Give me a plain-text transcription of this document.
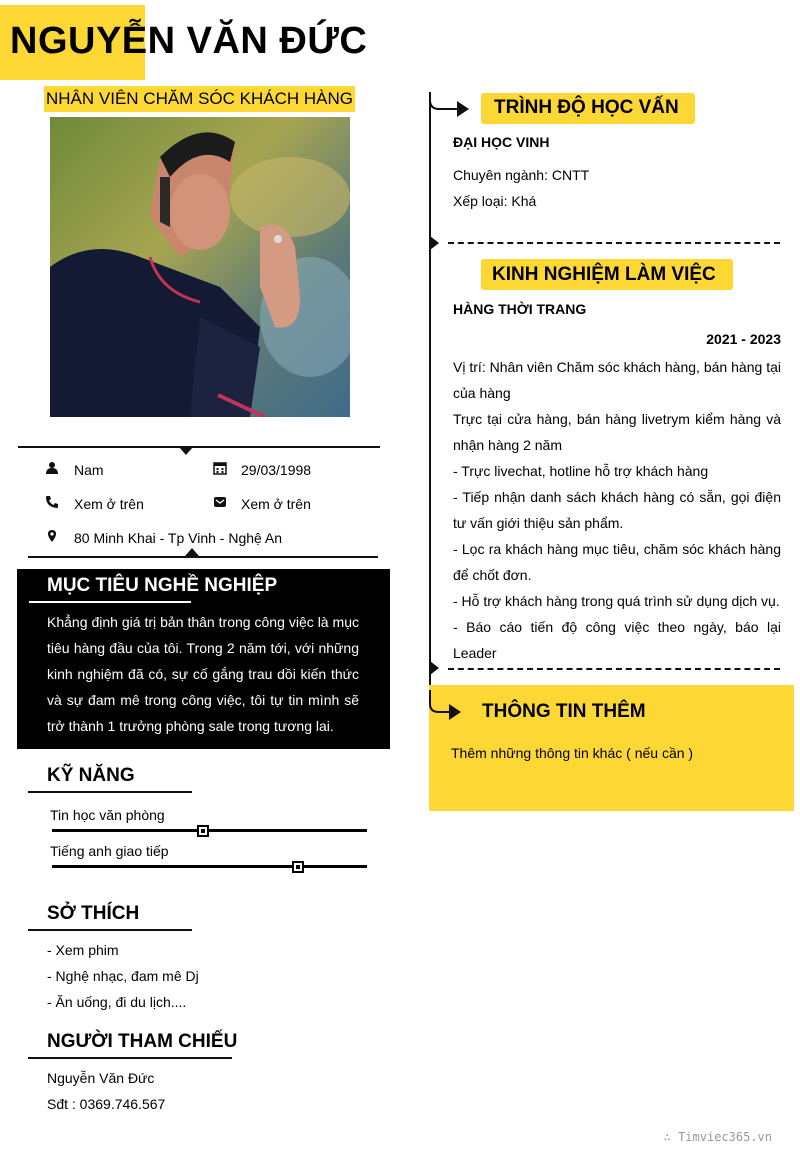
NGUYỄN VĂN ĐỨC
NHÂN VIÊN CHĂM SÓC KHÁCH HÀNG
Nam	29/03/1998
Xem ở trên	Xem ở trên
80 Minh Khai - Tp Vinh - Nghệ An
MỤC TIÊU NGHỀ NGHIỆP
Khẳng định giá trị bản thân trong công việc là mục tiêu hàng đầu của tôi. Trong 2 năm tới, với những kinh nghiệm đã có, sự cố gắng trau dồi kiến thức và sự đam mê trong công việc, tôi tự tin mình sẽ trở thành 1 trưởng phòng sale trong tương lai.
KỸ NĂNG
Tin học văn phòng
Tiếng anh giao tiếp
SỞ THÍCH
- Xem phim
- Nghệ nhạc, đam mê Dj
- Ăn uống, đi du lịch....
NGƯỜI THAM CHIẾU
Nguyễn Văn Đức
Sđt : 0369.746.567
TRÌNH ĐỘ HỌC VẤN
ĐẠI HỌC VINH
Chuyên ngành: CNTT
Xếp loại: Khá
KINH NGHIỆM LÀM VIỆC
HÀNG THỜI TRANG
2021 - 2023
Vị trí: Nhân viên Chăm sóc khách hàng, bán hàng tại của hàng
Trực tại cửa hàng, bán hàng livetrym kiểm hàng và nhận hàng 2 năm
- Trực livechat, hotline hỗ trợ khách hàng
- Tiếp nhận danh sách khách hàng có sẵn, gọi điện tư vấn giới thiệu sản phẩm.
- Lọc ra khách hàng mục tiêu, chăm sóc khách hàng để chốt đơn.
- Hỗ trợ khách hàng trong quá trình sử dụng dịch vụ.
- Báo cáo tiến độ công việc theo ngày, báo lại Leader
THÔNG TIN THÊM
Thêm những thông tin khác ( nếu cần )
∴ Timviec365.vn
